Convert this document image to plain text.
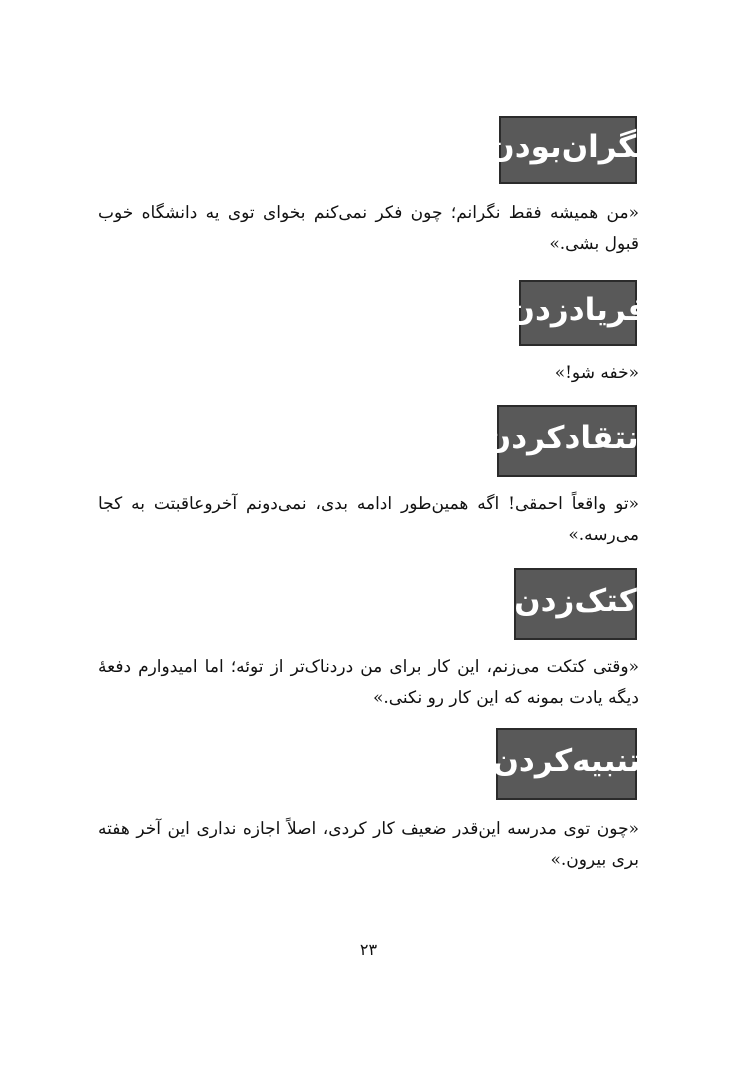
نگران‌بودن
«من همیشه فقط نگرانم؛ چون فکر نمی‌کنم بخوای توی یه دانشگاه خوب قبول بشی.»
فریادزدن
«خفه شو!»
انتقادکردن
«تو واقعاً احمقی! اگه همین‌طور ادامه بدی، نمی‌دونم آخروعاقبتت به کجا می‌رسه.»
کتک‌زدن
«وقتی کتکت می‌زنم، این کار برای من دردناک‌تر از توئه؛ اما امیدوارم دفعهٔ دیگه یادت بمونه که این کار رو نکنی.»
تنبیه‌کردن
«چون توی مدرسه این‌قدر ضعیف کار کردی، اصلاً اجازه نداری این آخر هفته بری بیرون.»
۲۳
